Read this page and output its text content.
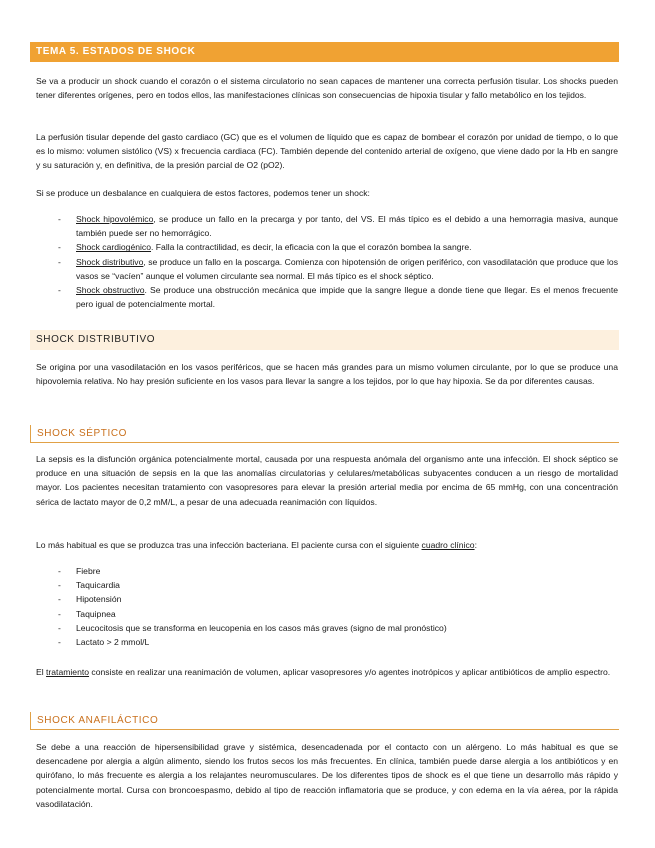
TEMA 5. ESTADOS DE SHOCK

Se va a producir un shock cuando el corazón o el sistema circulatorio no sean capaces de mantener una correcta perfusión tisular. Los shocks pueden tener diferentes orígenes, pero en todos ellos, las manifestaciones clínicas son consecuencias de hipoxia tisular y fallo metabólico en los tejidos.

La perfusión tisular depende del gasto cardiaco (GC) que es el volumen de líquido que es capaz de bombear el corazón por unidad de tiempo, o lo que es lo mismo: volumen sistólico (VS) x frecuencia cardiaca (FC). También depende del contenido arterial de oxígeno, que viene dado por la Hb en sangre y su saturación y, en definitiva, de la presión parcial de O2 (pO2).

Si se produce un desbalance en cualquiera de estos factores, podemos tener un shock:

- Shock hipovolémico, se produce un fallo en la precarga y por tanto, del VS. El más típico es el debido a una hemorragia masiva, aunque también puede ser no hemorrágico.
- Shock cardiogénico. Falla la contractilidad, es decir, la eficacia con la que el corazón bombea la sangre.
- Shock distributivo, se produce un fallo en la poscarga. Comienza con hipotensión de origen periférico, con vasodilatación que produce que los vasos se “vacíen” aunque el volumen circulante sea normal. El más típico es el shock séptico.
- Shock obstructivo. Se produce una obstrucción mecánica que impide que la sangre llegue a donde tiene que llegar. Es el menos frecuente pero igual de potencialmente mortal.
SHOCK DISTRIBUTIVO

Se origina por una vasodilatación en los vasos periféricos, que se hacen más grandes para un mismo volumen circulante, por lo que se produce una hipovolemia relativa. No hay presión suficiente en los vasos para llevar la sangre a los tejidos, por lo que hay hipoxia. Se da por diferentes causas.

SHOCK SÉPTICO

La sepsis es la disfunción orgánica potencialmente mortal, causada por una respuesta anómala del organismo ante una infección. El shock séptico se produce en una situación de sepsis en la que las anomalías circulatorias y celulares/metabólicas subyacentes conducen a un riesgo de mortalidad mayor. Los pacientes necesitan tratamiento con vasopresores para elevar la presión arterial media por encima de 65 mmHg, con una concentración sérica de lactato mayor de 0,2 mM/L, a pesar de una adecuada reanimación con líquidos.

Lo más habitual es que se produzca tras una infección bacteriana. El paciente cursa con el siguiente cuadro clínico:

- Fiebre
- Taquicardia
- Hipotensión
- Taquipnea
- Leucocitosis que se transforma en leucopenia en los casos más graves (signo de mal pronóstico)
- Lactato > 2 mmol/L

El tratamiento consiste en realizar una reanimación de volumen, aplicar vasopresores y/o agentes inotrópicos y aplicar antibióticos de amplio espectro.

SHOCK ANAFILÁCTICO

Se debe a una reacción de hipersensibilidad grave y sistémica, desencadenada por el contacto con un alérgeno. Lo más habitual es que se desencadene por alergia a algún alimento, siendo los frutos secos los más frecuentes. En clínica, también puede darse alergia a los antibióticos y en quirófano, lo más frecuente es alergia a los relajantes neuromusculares. De los diferentes tipos de shock es el que tiene un desarrollo más rápido y potencialmente mortal. Cursa con broncoespasmo, debido al tipo de reacción inflamatoria que se produce, y con edema en la vía aérea, por la rápida vasodilatación.
